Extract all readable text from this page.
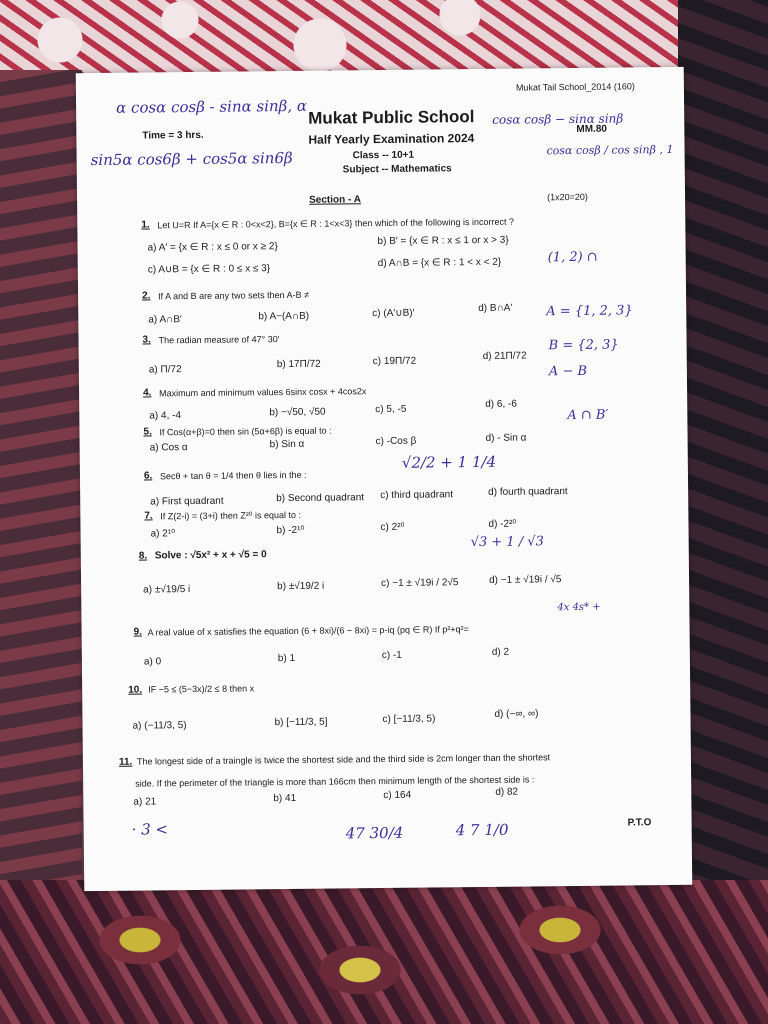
Mukat Tail School_2014 (160)
α cosα cosβ - sinα sinβ, α
Time = 3 hrs.
Mukat Public School cosα cosβ − sinα sinβ
Half Yearly Examination 2024
MM.80
sin5α cos6β + cos5α sin6β	Class -- 10+1	cosα cosβ / cos sinβ , 1
Subject -- Mathematics
Section - A	(1x20=20)
1. Let U=R If A={x ∈ R : 0<x<2}, B={x ∈ R : 1<x<3} then which of the following is incorrect ?
a) A′ = {x ∈ R : x ≤ 0 or x ≥ 2}
b) B′ = {x ∈ R : x ≤ 1 or x > 3}
c) A∪B = {x ∈ R : 0 ≤ x ≤ 3}
d) A∩B = {x ∈ R : 1 < x < 2}	(1, 2) ∩
2. If A and B are any two sets then A-B ≠
a) A∩B′	b) A−(A∩B)	c) (A′∪B)′	d) B∩A′
3. The radian measure of 47° 30′
a) Π/72	b) 17Π/72	c) 19Π/72	d) 21Π/72
A = {1, 2, 3}
B = {2, 3}
A − B
4. Maximum and minimum values 6sinx cosx + 4cos2x
a) 4, -4	b) −√50, √50	c) 5, -5	d) 6, -6
A ∩ B′
5. If Cos(α+β)=0 then sin (5α+6β) is equal to :
a) Cos α	b) Sin α	c) -Cos β	d) - Sin α
6. Secθ + tan θ = 1/4 then θ lies in the :
√2/2 + 1 1/4
a) First quadrant	b) Second quadrant c) third quadrant	d) fourth quadrant
7. If Z(2-i) = (3+i) then Z²⁰ is equal to :
a) 2¹⁰	b) -2¹⁰	c) 2²⁰	d) -2²⁰
8. Solve : √5x² + x + √5 = 0
√3 + 1 / √3
a) ±√19/5 i	b) ±√19/2 i	c) −1 ± √19i / 2√5	d) −1 ± √19i / √5
9. A real value of x satisfies the equation (6 + 8xi)/(6 − 8xi) = p-iq (pq ∈ R) If p²+q²=
4x 4s* +
a) 0	b) 1	c) -1	d) 2
10. IF −5 ≤ (5−3x)/2 ≤ 8 then x
a) (−11/3, 5)	b) [−11/3, 5]	c) [−11/3, 5)	d) (−∞, ∞)
11. The longest side of a traingle is twice the shortest side and the third side is 2cm longer than the shortest
side. If the perimeter of the triangle is more than 166cm then minimum length of the shortest side is :
a) 21	b) 41	c) 164	d) 82
· 3 <	47 30/4	4 7 1/0	P.T.O
